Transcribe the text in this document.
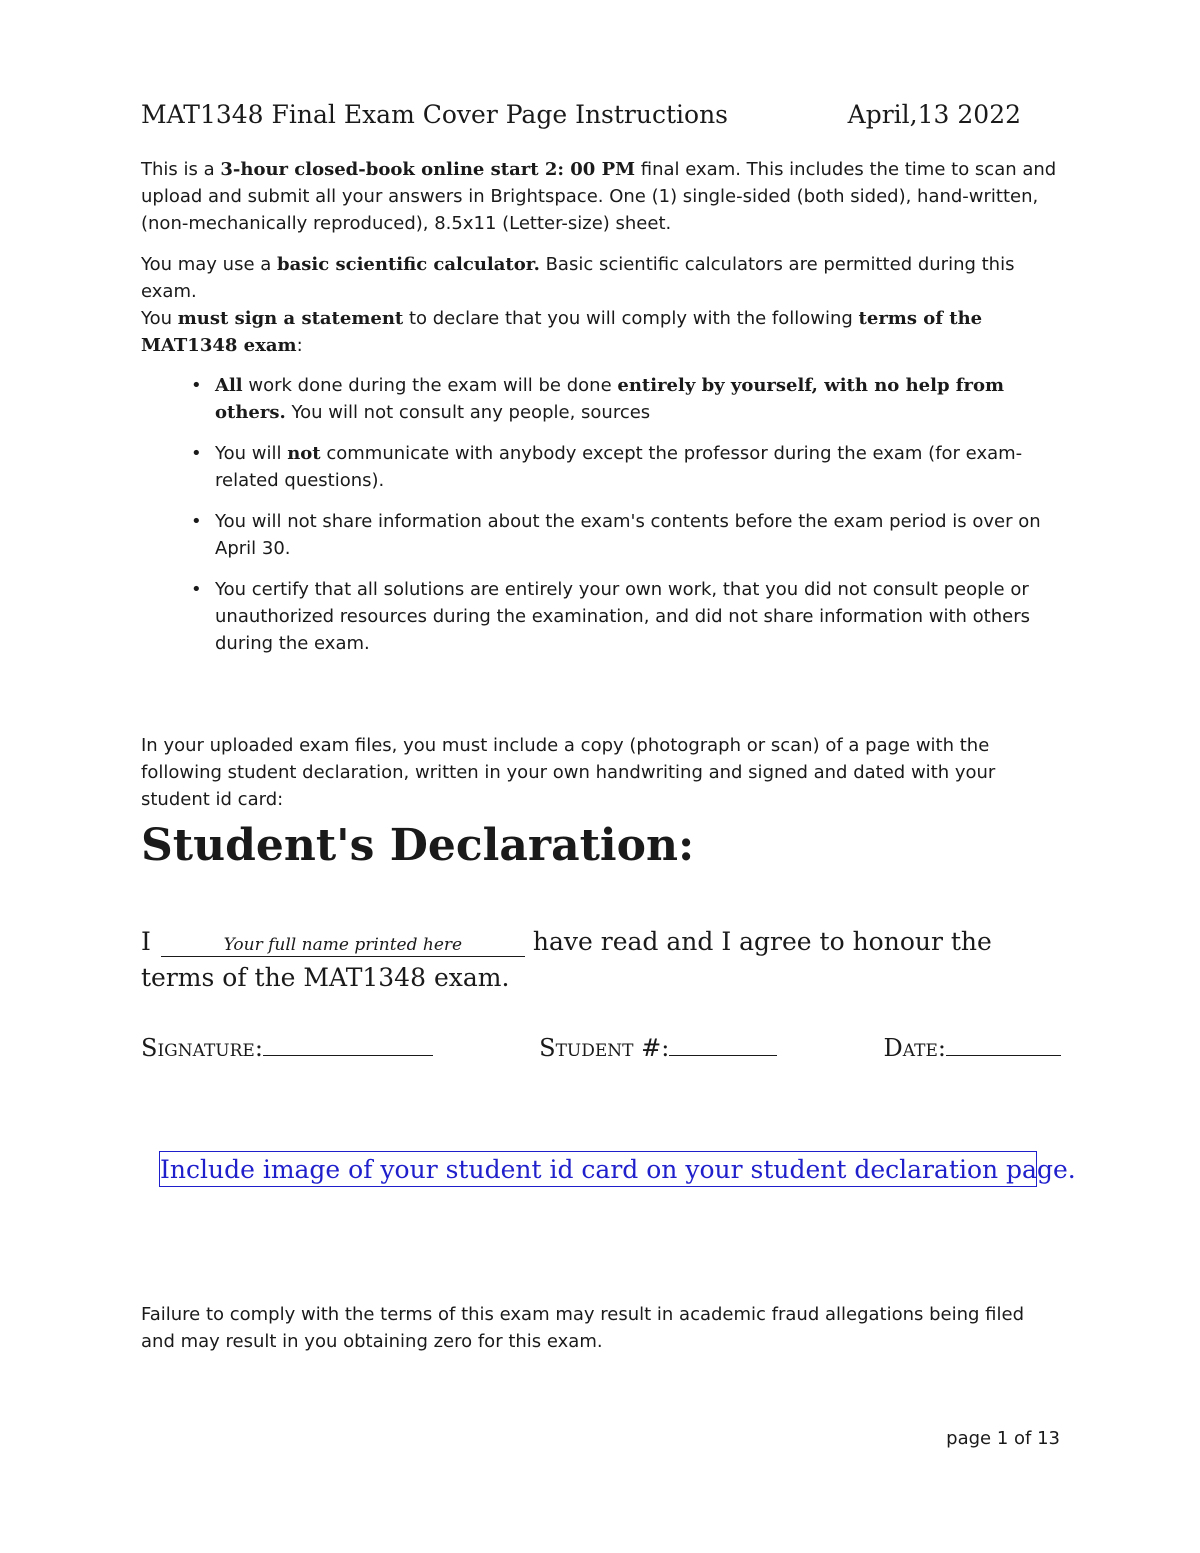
MAT1348 Final Exam Cover Page Instructions	April,13 2022

This is a 3-hour closed-book online start 2: 00 PM final exam. This includes the time to scan and upload and submit all your answers in Brightspace. One (1) single-sided (both sided), hand-written, (non-mechanically reproduced), 8.5x11 (Letter-size) sheet.

You may use a basic scientific calculator. Basic scientific calculators are permitted during this exam.

You must sign a statement to declare that you will comply with the following terms of the MAT1348 exam:

• All work done during the exam will be done entirely by yourself, with no help from others. You will not consult any people, sources
• You will not communicate with anybody except the professor during the exam (for exam-related questions).
• You will not share information about the exam's contents before the exam period is over on April 30.
• You certify that all solutions are entirely your own work, that you did not consult people or unauthorized resources during the examination, and did not share information with others during the exam.

In your uploaded exam files, you must include a copy (photograph or scan) of a page with the following student declaration, written in your own handwriting and signed and dated with your student id card:

Student's Declaration:
I	Your full name printed here	have read and I agree to honour the terms of the MAT1348 exam.
Signature:	Student #:	Date:
Include image of your student id card on your student declaration page.

Failure to comply with the terms of this exam may result in academic fraud allegations being filed and may result in you obtaining zero for this exam.

page 1 of 13
